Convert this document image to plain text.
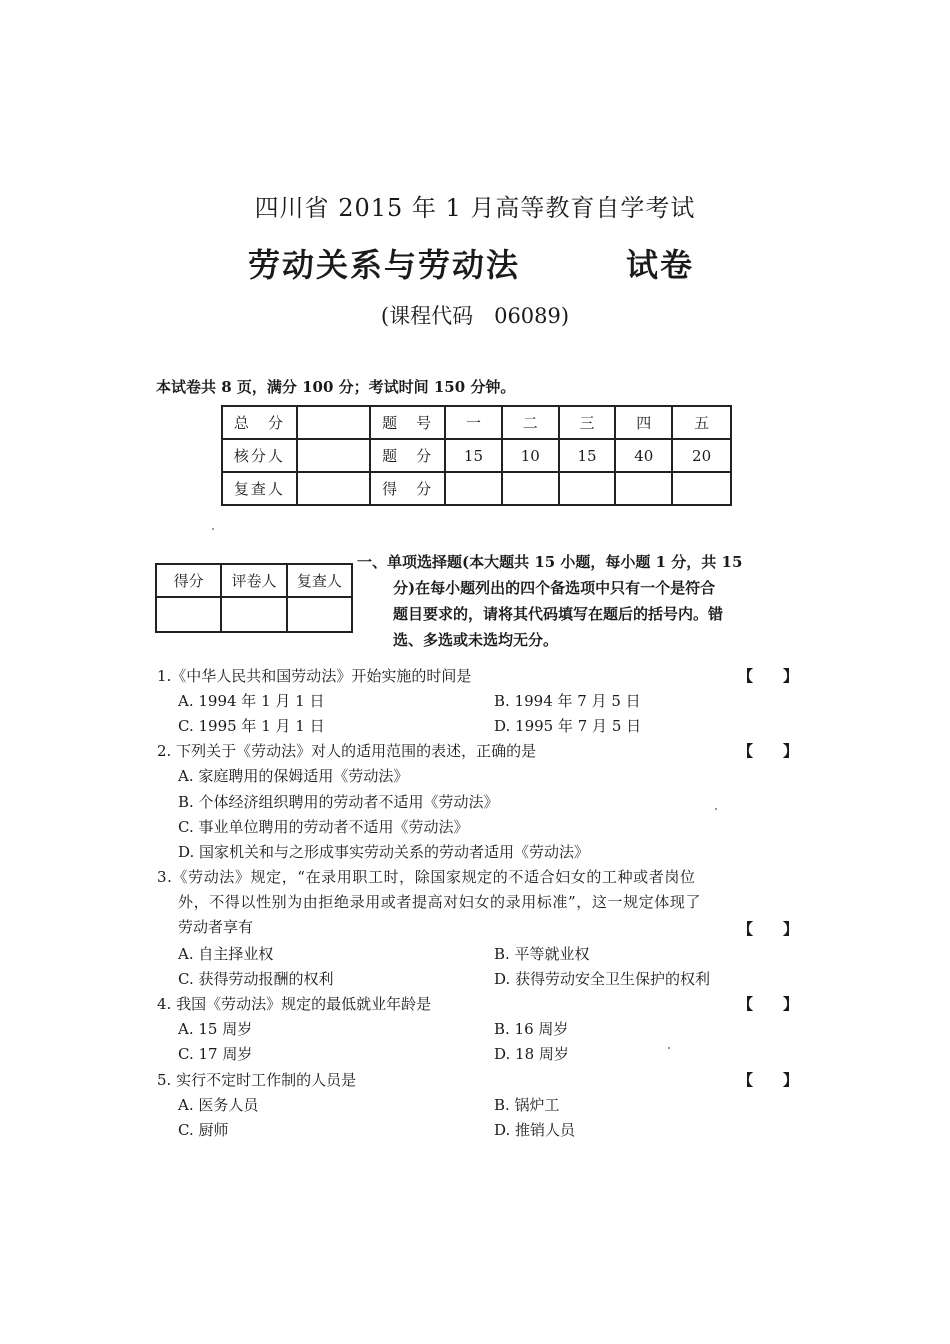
四川省 2015 年 1 月高等教育自学考试
劳动关系与劳动法	试卷
(课程代码　06089)
本试卷共 8 页，满分 100 分；考试时间 150 分钟。
总　分		题　号	一	二	三	四	五
核分人		题　分	15	10	15	40	20
复查人		得　分					
得分	评卷人	复查人

一、单项选择题(本大题共 15 小题，每小题 1 分，共 15
分)在每小题列出的四个备选项中只有一个是符合
题目要求的，请将其代码填写在题后的括号内。错
选、多选或未选均无分。
1.《中华人民共和国劳动法》开始实施的时间是	【　　】
A. 1994 年 1 月 1 日	B. 1994 年 7 月 5 日
C. 1995 年 1 月 1 日	D. 1995 年 7 月 5 日
2. 下列关于《劳动法》对人的适用范围的表述，正确的是	【　　】
A. 家庭聘用的保姆适用《劳动法》
B. 个体经济组织聘用的劳动者不适用《劳动法》
C. 事业单位聘用的劳动者不适用《劳动法》
D. 国家机关和与之形成事实劳动关系的劳动者适用《劳动法》
3.《劳动法》规定，“在录用职工时，除国家规定的不适合妇女的工种或者岗位
外，不得以性别为由拒绝录用或者提高对妇女的录用标准”，这一规定体现了
劳动者享有	【　　】
A. 自主择业权	B. 平等就业权
C. 获得劳动报酬的权利	D. 获得劳动安全卫生保护的权利
4. 我国《劳动法》规定的最低就业年龄是	【　　】
A. 15 周岁	B. 16 周岁
C. 17 周岁	D. 18 周岁
5. 实行不定时工作制的人员是	【　　】
A. 医务人员	B. 锅炉工
C. 厨师	D. 推销人员
